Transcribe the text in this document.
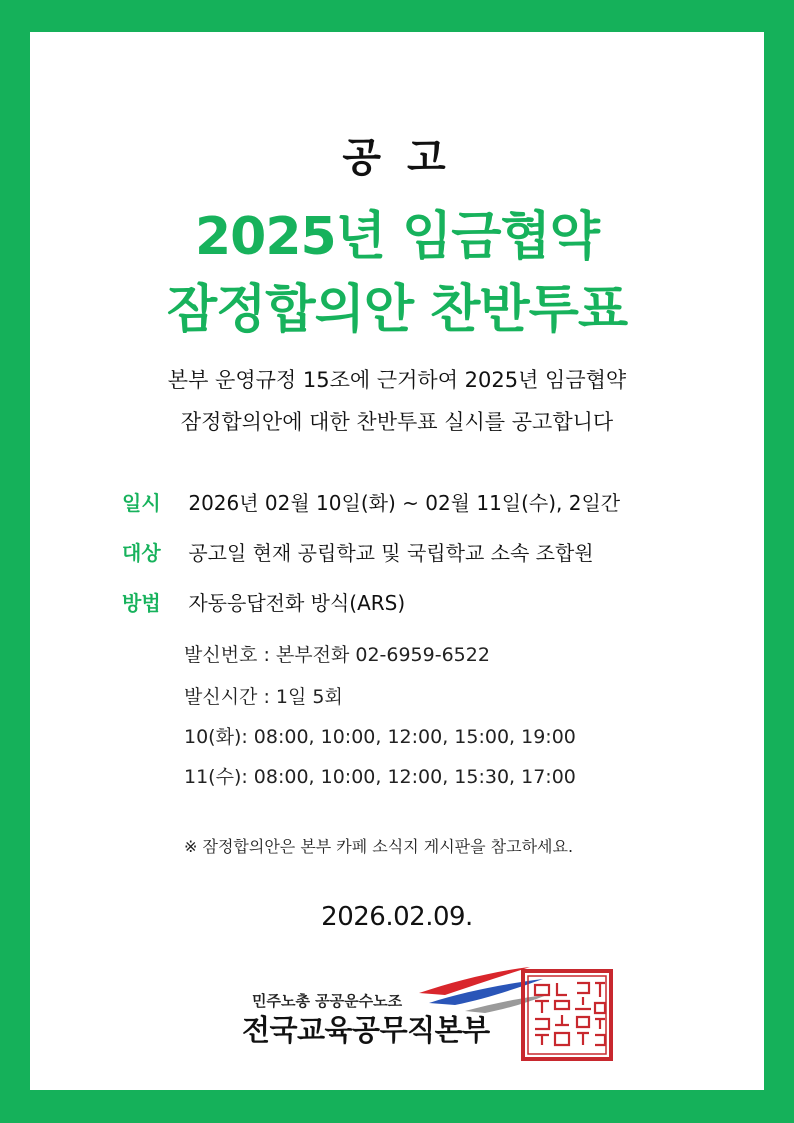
공 고
2025년 임금협약
잠정합의안 찬반투표
본부 운영규정 15조에 근거하여 2025년 임금협약
잠정합의안에 대한 찬반투표 실시를 공고합니다
일시 2026년 02월 10일(화) ~ 02월 11일(수), 2일간
대상 공고일 현재 공립학교 및 국립학교 소속 조합원
방법 자동응답전화 방식(ARS)
발신번호 : 본부전화 02-6959-6522
발신시간 : 1일 5회
10(화): 08:00, 10:00, 12:00, 15:00, 19:00
11(수): 08:00, 10:00, 12:00, 15:30, 17:00
※ 잠정합의안은 본부 카페 소식지 게시판을 참고하세요.
2026.02.09.
민주노총 공공운수노조
전국교육공무직본부
